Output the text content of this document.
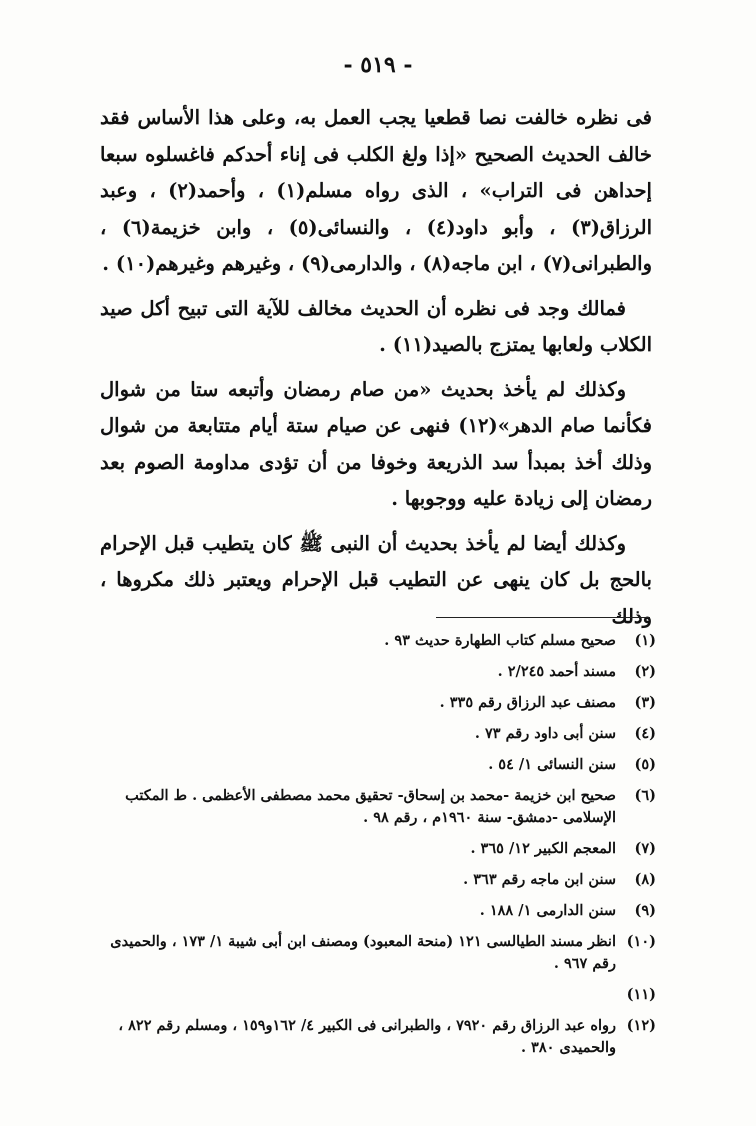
- ٥١٩ -

فى نظره خالفت نصا قطعيا يجب العمل به، وعلى هذا الأساس فقد خالف الحديث الصحيح «إذا ولغ الكلب فى إناء أحدكم فاغسلوه سبعا إحداهن فى التراب» ، الذى رواه مسلم(١) ، وأحمد(٢) ، وعبد الرزاق(٣) ، وأبو داود(٤) ، والنسائى(٥) ، وابن خزيمة(٦) ، والطبرانى(٧) ، ابن ماجه(٨) ، والدارمى(٩) ، وغيرهم وغيرهم(١٠) .

فمالك وجد فى نظره أن الحديث مخالف للآية التى تبيح أكل صيد الكلاب ولعابها يمتزج بالصيد(١١) .

وكذلك لم يأخذ بحديث «من صام رمضان وأتبعه ستا من شوال فكأنما صام الدهر»(١٢) فنهى عن صيام ستة أيام متتابعة من شوال وذلك أخذ بمبدأ سد الذريعة وخوفا من أن تؤدى مداومة الصوم بعد رمضان إلى زيادة عليه ووجوبها .

وكذلك أيضا لم يأخذ بحديث أن النبى ﷺ كان يتطيب قبل الإحرام بالحج بل كان ينهى عن التطيب قبل الإحرام ويعتبر ذلك مكروها ، وذلك

(١)
صحيح مسلم كتاب الطهارة حديث ٩٣ .
(٢)
مسند أحمد ٢/٢٤٥ .
(٣)
مصنف عبد الرزاق رقم ٣٣٥ .
(٤)
سنن أبى داود رقم ٧٣ .
(٥)
سنن النسائى ١/ ٥٤ .
(٦)
صحيح ابن خزيمة -محمد بن إسحاق- تحقيق محمد مصطفى الأعظمى . ط المكتب الإسلامى -دمشق- سنة ١٩٦٠م ، رقم ٩٨ .
(٧)
المعجم الكبير ١٢/ ٣٦٥ .
(٨)
سنن ابن ماجه رقم ٣٦٣ .
(٩)
سنن الدارمى ١/ ١٨٨ .
(١٠)
انظر مسند الطيالسى ١٢١ (منحة المعبود) ومصنف ابن أبى شيبة ١/ ١٧٣ ، والحميدى رقم ٩٦٧ .
(١١)
(١٢)
رواه عبد الرزاق رقم ٧٩٢٠ ، والطبرانى فى الكبير ٤/ ١٦٢و١٥٩ ، ومسلم رقم ٨٢٢ ، والحميدى ٣٨٠ .
